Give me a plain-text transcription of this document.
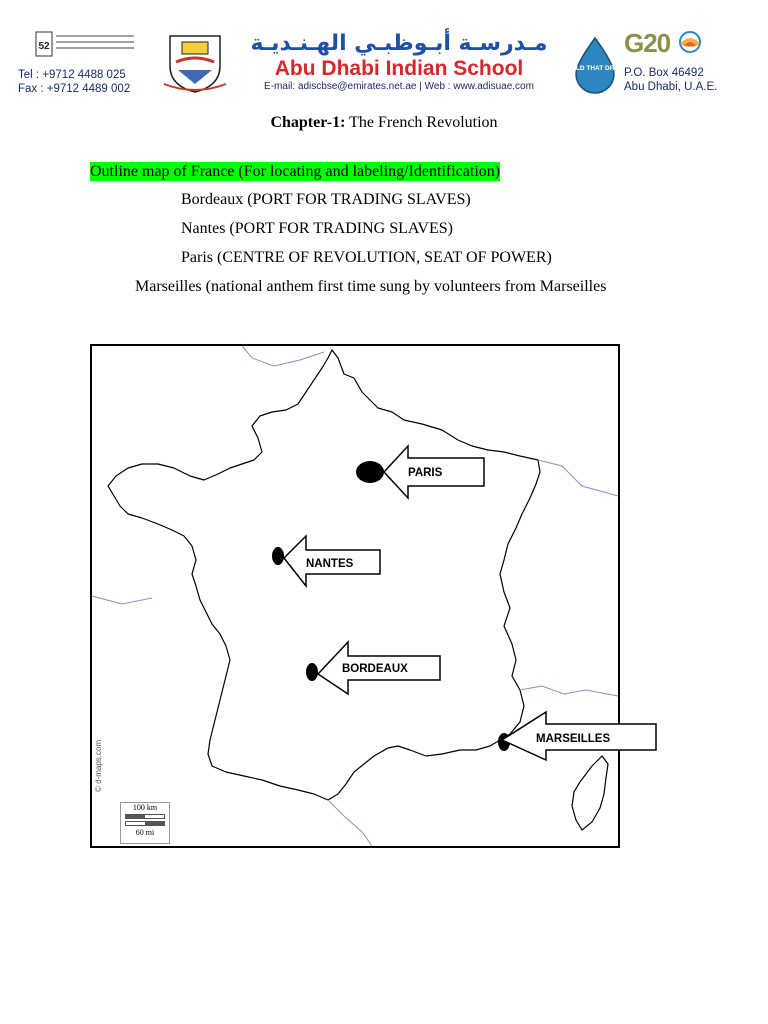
52
Tel : +9712 4488 025
Fax : +9712 4489 002
مـدرسـة أبـوظبـي الهـنـديـة
Abu Dhabi Indian School
E-mail: adiscbse@emirates.net.ae | Web : www.adisuae.com
HOLD THAT DROP
G20
P.O. Box 46492
Abu Dhabi, U.A.E.
Chapter-1: The French Revolution
Outline map of France (For locating and labeling/Identification)
Bordeaux (PORT FOR TRADING SLAVES)
Nantes (PORT FOR TRADING SLAVES)
Paris (CENTRE OF REVOLUTION, SEAT OF POWER)
Marseilles (national anthem first time sung by volunteers from Marseilles
PARIS
NANTES
BORDEAUX
MARSEILLES
© d-maps.com
100 km
60 mi
